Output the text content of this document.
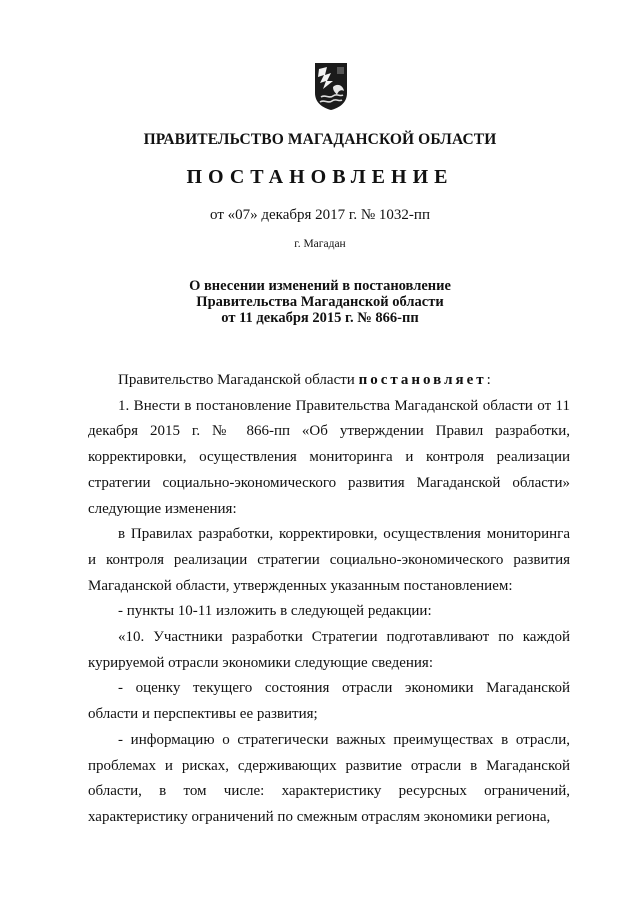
ПРАВИТЕЛЬСТВО МАГАДАНСКОЙ ОБЛАСТИ
ПОСТАНОВЛЕНИЕ
от «07» декабря 2017 г. № 1032-пп
г. Магадан
О внесении изменений в постановление
Правительства Магаданской области
от 11 декабря 2015 г. № 866-пп

Правительство Магаданской области постановляет:

1. Внести в постановление Правительства Магаданской области от 11 декабря 2015 г. № 866-пп «Об утверждении Правил разработки, корректировки, осуществления мониторинга и контроля реализации стратегии социально-экономического развития Магаданской области» следующие изменения:

в Правилах разработки, корректировки, осуществления мониторинга и контроля реализации стратегии социально-экономического развития Магаданской области, утвержденных указанным постановлением:

- пункты 10-11 изложить в следующей редакции:

«10. Участники разработки Стратегии подготавливают по каждой курируемой отрасли экономики следующие сведения:

- оценку текущего состояния отрасли экономики Магаданской области и перспективы ее развития;

- информацию о стратегически важных преимуществах в отрасли, проблемах и рисках, сдерживающих развитие отрасли в Магаданской области, в том числе: характеристику ресурсных ограничений, характеристику ограничений по смежным отраслям экономики региона,
